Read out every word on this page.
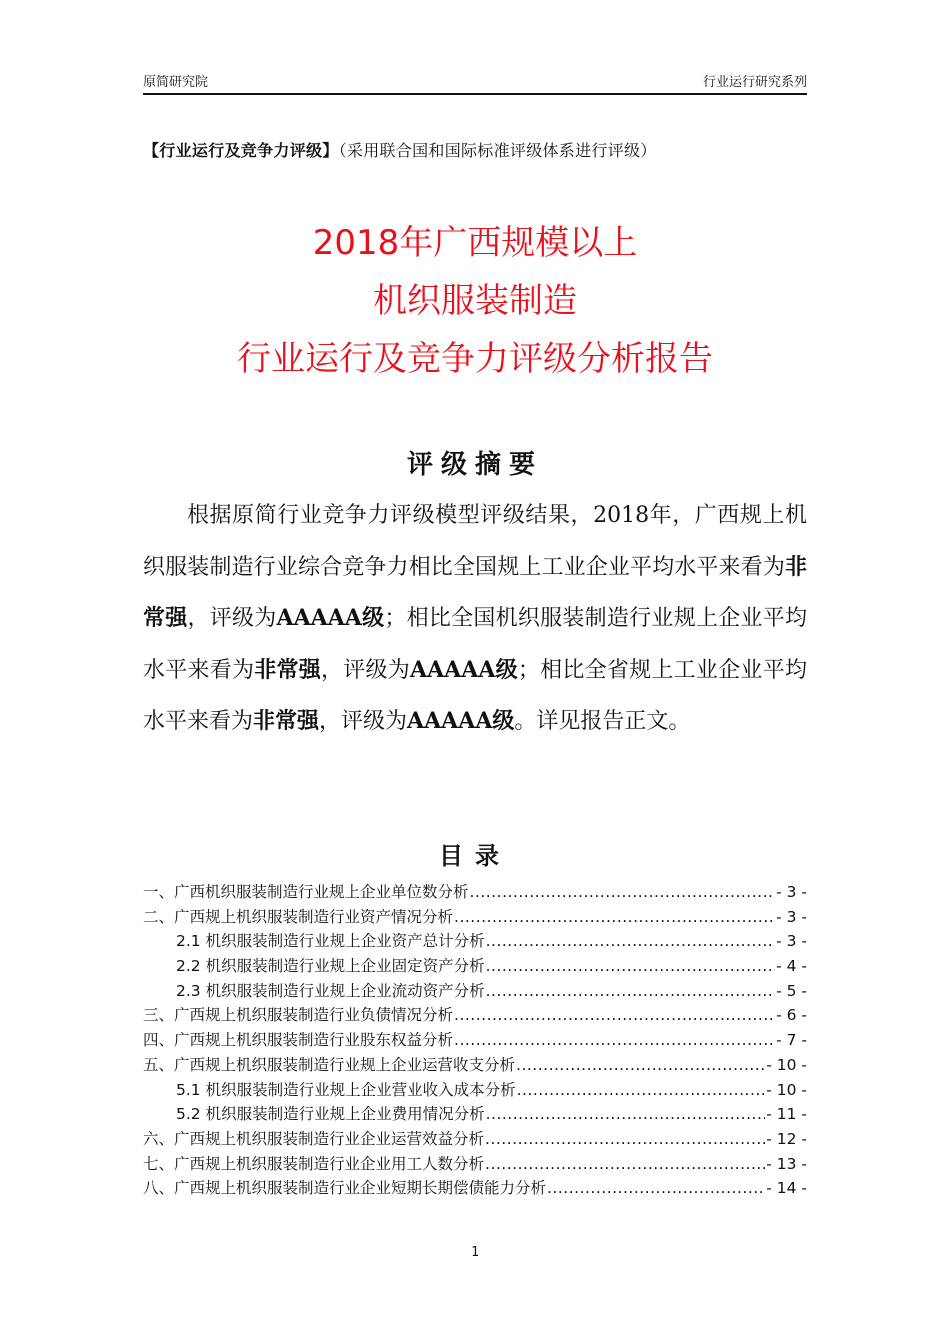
原简研究院	行业运行研究系列
【行业运行及竞争力评级】（采用联合国和国际标准评级体系进行评级）
2018年广西规模以上
机织服装制造
行业运行及竞争力评级分析报告
评级摘要

根据原简行业竞争力评级模型评级结果，2018年，广西规上机织服装制造行业综合竞争力相比全国规上工业企业平均水平来看为非常强，评级为AAAAA级；相比全国机织服装制造行业规上企业平均水平来看为非常强，评级为AAAAA级；相比全省规上工业企业平均水平来看为非常强，评级为AAAAA级。详见报告正文。

目录
一、广西机织服装制造行业规上企业单位数分析 .....	- 3 -
二、广西规上机织服装制造行业资产情况分析 .....	- 3 -
2.1 机织服装制造行业规上企业资产总计分析 .....	- 3 -
2.2 机织服装制造行业规上企业固定资产分析 .....	- 4 -
2.3 机织服装制造行业规上企业流动资产分析 .....	- 5 -
三、广西规上机织服装制造行业负债情况分析 .....	- 6 -
四、广西规上机织服装制造行业股东权益分析 .....	- 7 -
五、广西规上机织服装制造行业规上企业运营收支分析 .....	- 10 -
5.1 机织服装制造行业规上企业营业收入成本分析 .....	- 10 -
5.2 机织服装制造行业规上企业费用情况分析 .....	- 11 -
六、广西规上机织服装制造行业企业运营效益分析 .....	- 12 -
七、广西规上机织服装制造行业企业用工人数分析 .....	- 13 -
八、广西规上机织服装制造行业企业短期长期偿债能力分析 .....	- 14 -
1
